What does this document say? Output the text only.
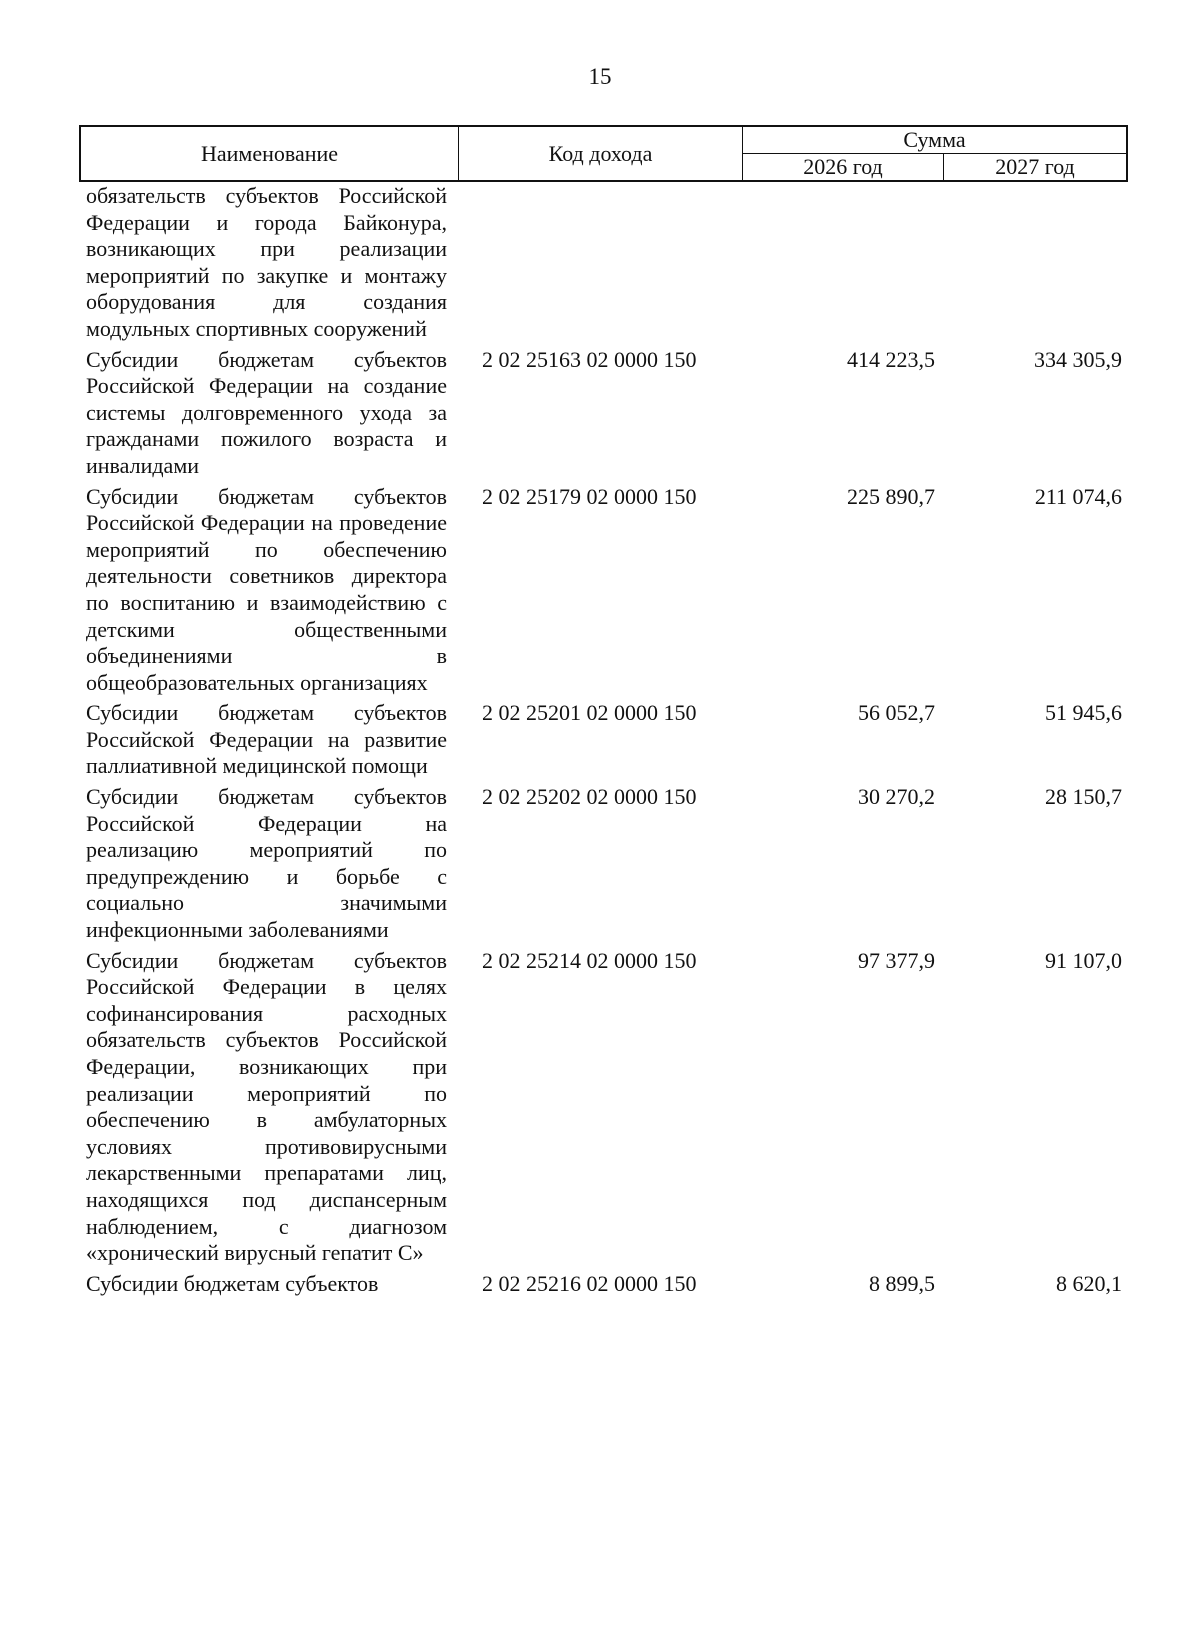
15
Наименование	Код дохода
Сумма
2026 год	2027 год
обязательств субъектов Российской Федерации и города Байконура, возникающих при реализации мероприятий по закупке и монтажу оборудования для создания модульных спортивных сооружений
Субсидии бюджетам субъектов Российской Федерации на создание системы долговременного ухода за гражданами пожилого возраста и инвалидами
2 02 25163 02 0000 150	414 223,5	334 305,9
Субсидии бюджетам субъектов Российской Федерации на проведение мероприятий по обеспечению деятельности советников директора по воспитанию и взаимодействию с детскими общественными объединениями в общеобразовательных организациях
2 02 25179 02 0000 150	225 890,7	211 074,6
Субсидии бюджетам субъектов Российской Федерации на развитие паллиативной медицинской помощи
2 02 25201 02 0000 150	56 052,7	51 945,6
Субсидии бюджетам субъектов Российской Федерации на реализацию мероприятий по предупреждению и борьбе с социально значимыми инфекционными заболеваниями
2 02 25202 02 0000 150	30 270,2	28 150,7
Субсидии бюджетам субъектов Российской Федерации в целях софинансирования расходных обязательств субъектов Российской Федерации, возникающих при реализации мероприятий по обеспечению в амбулаторных условиях противовирусными лекарственными препаратами лиц, находящихся под диспансерным наблюдением, с диагнозом «хронический вирусный гепатит С»
2 02 25214 02 0000 150	97 377,9	91 107,0
Субсидии бюджетам субъектов	2 02 25216 02 0000 150	8 899,5	8 620,1
